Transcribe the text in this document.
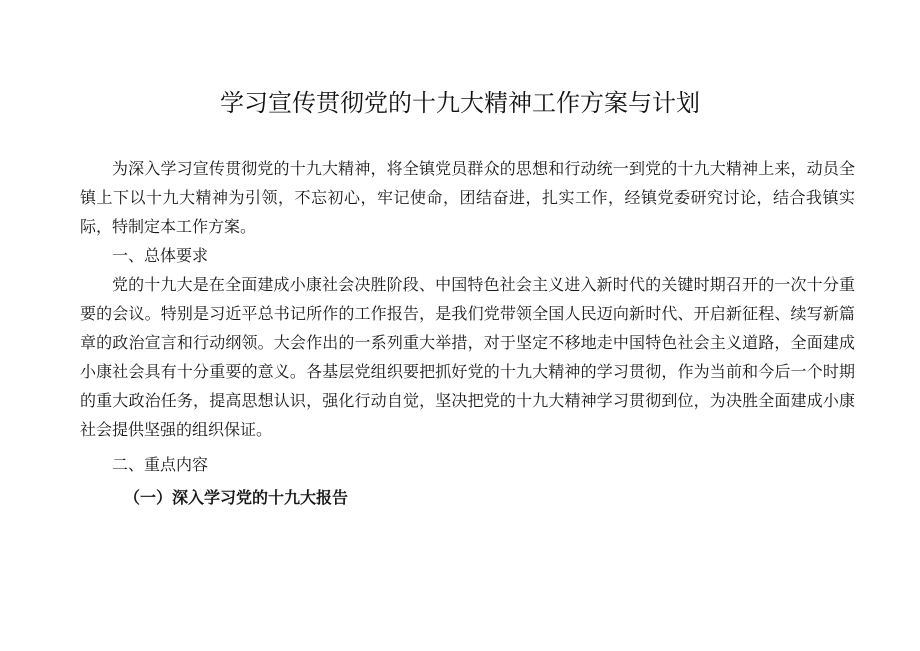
学习宣传贯彻党的十九大精神工作方案与计划

为深入学习宣传贯彻党的十九大精神，将全镇党员群众的思想和行动统一到党的十九大精神上来，动员全镇上下以十九大精神为引领，不忘初心，牢记使命，团结奋进，扎实工作，经镇党委研究讨论，结合我镇实际，特制定本工作方案。

一、总体要求

党的十九大是在全面建成小康社会决胜阶段、中国特色社会主义进入新时代的关键时期召开的一次十分重要的会议。特别是习近平总书记所作的工作报告，是我们党带领全国人民迈向新时代、开启新征程、续写新篇章的政治宣言和行动纲领。大会作出的一系列重大举措，对于坚定不移地走中国特色社会主义道路，全面建成小康社会具有十分重要的意义。各基层党组织要把抓好党的十九大精神的学习贯彻，作为当前和今后一个时期的重大政治任务，提高思想认识，强化行动自觉，坚决把党的十九大精神学习贯彻到位，为决胜全面建成小康社会提供坚强的组织保证。

二、重点内容

（一）深入学习党的十九大报告
